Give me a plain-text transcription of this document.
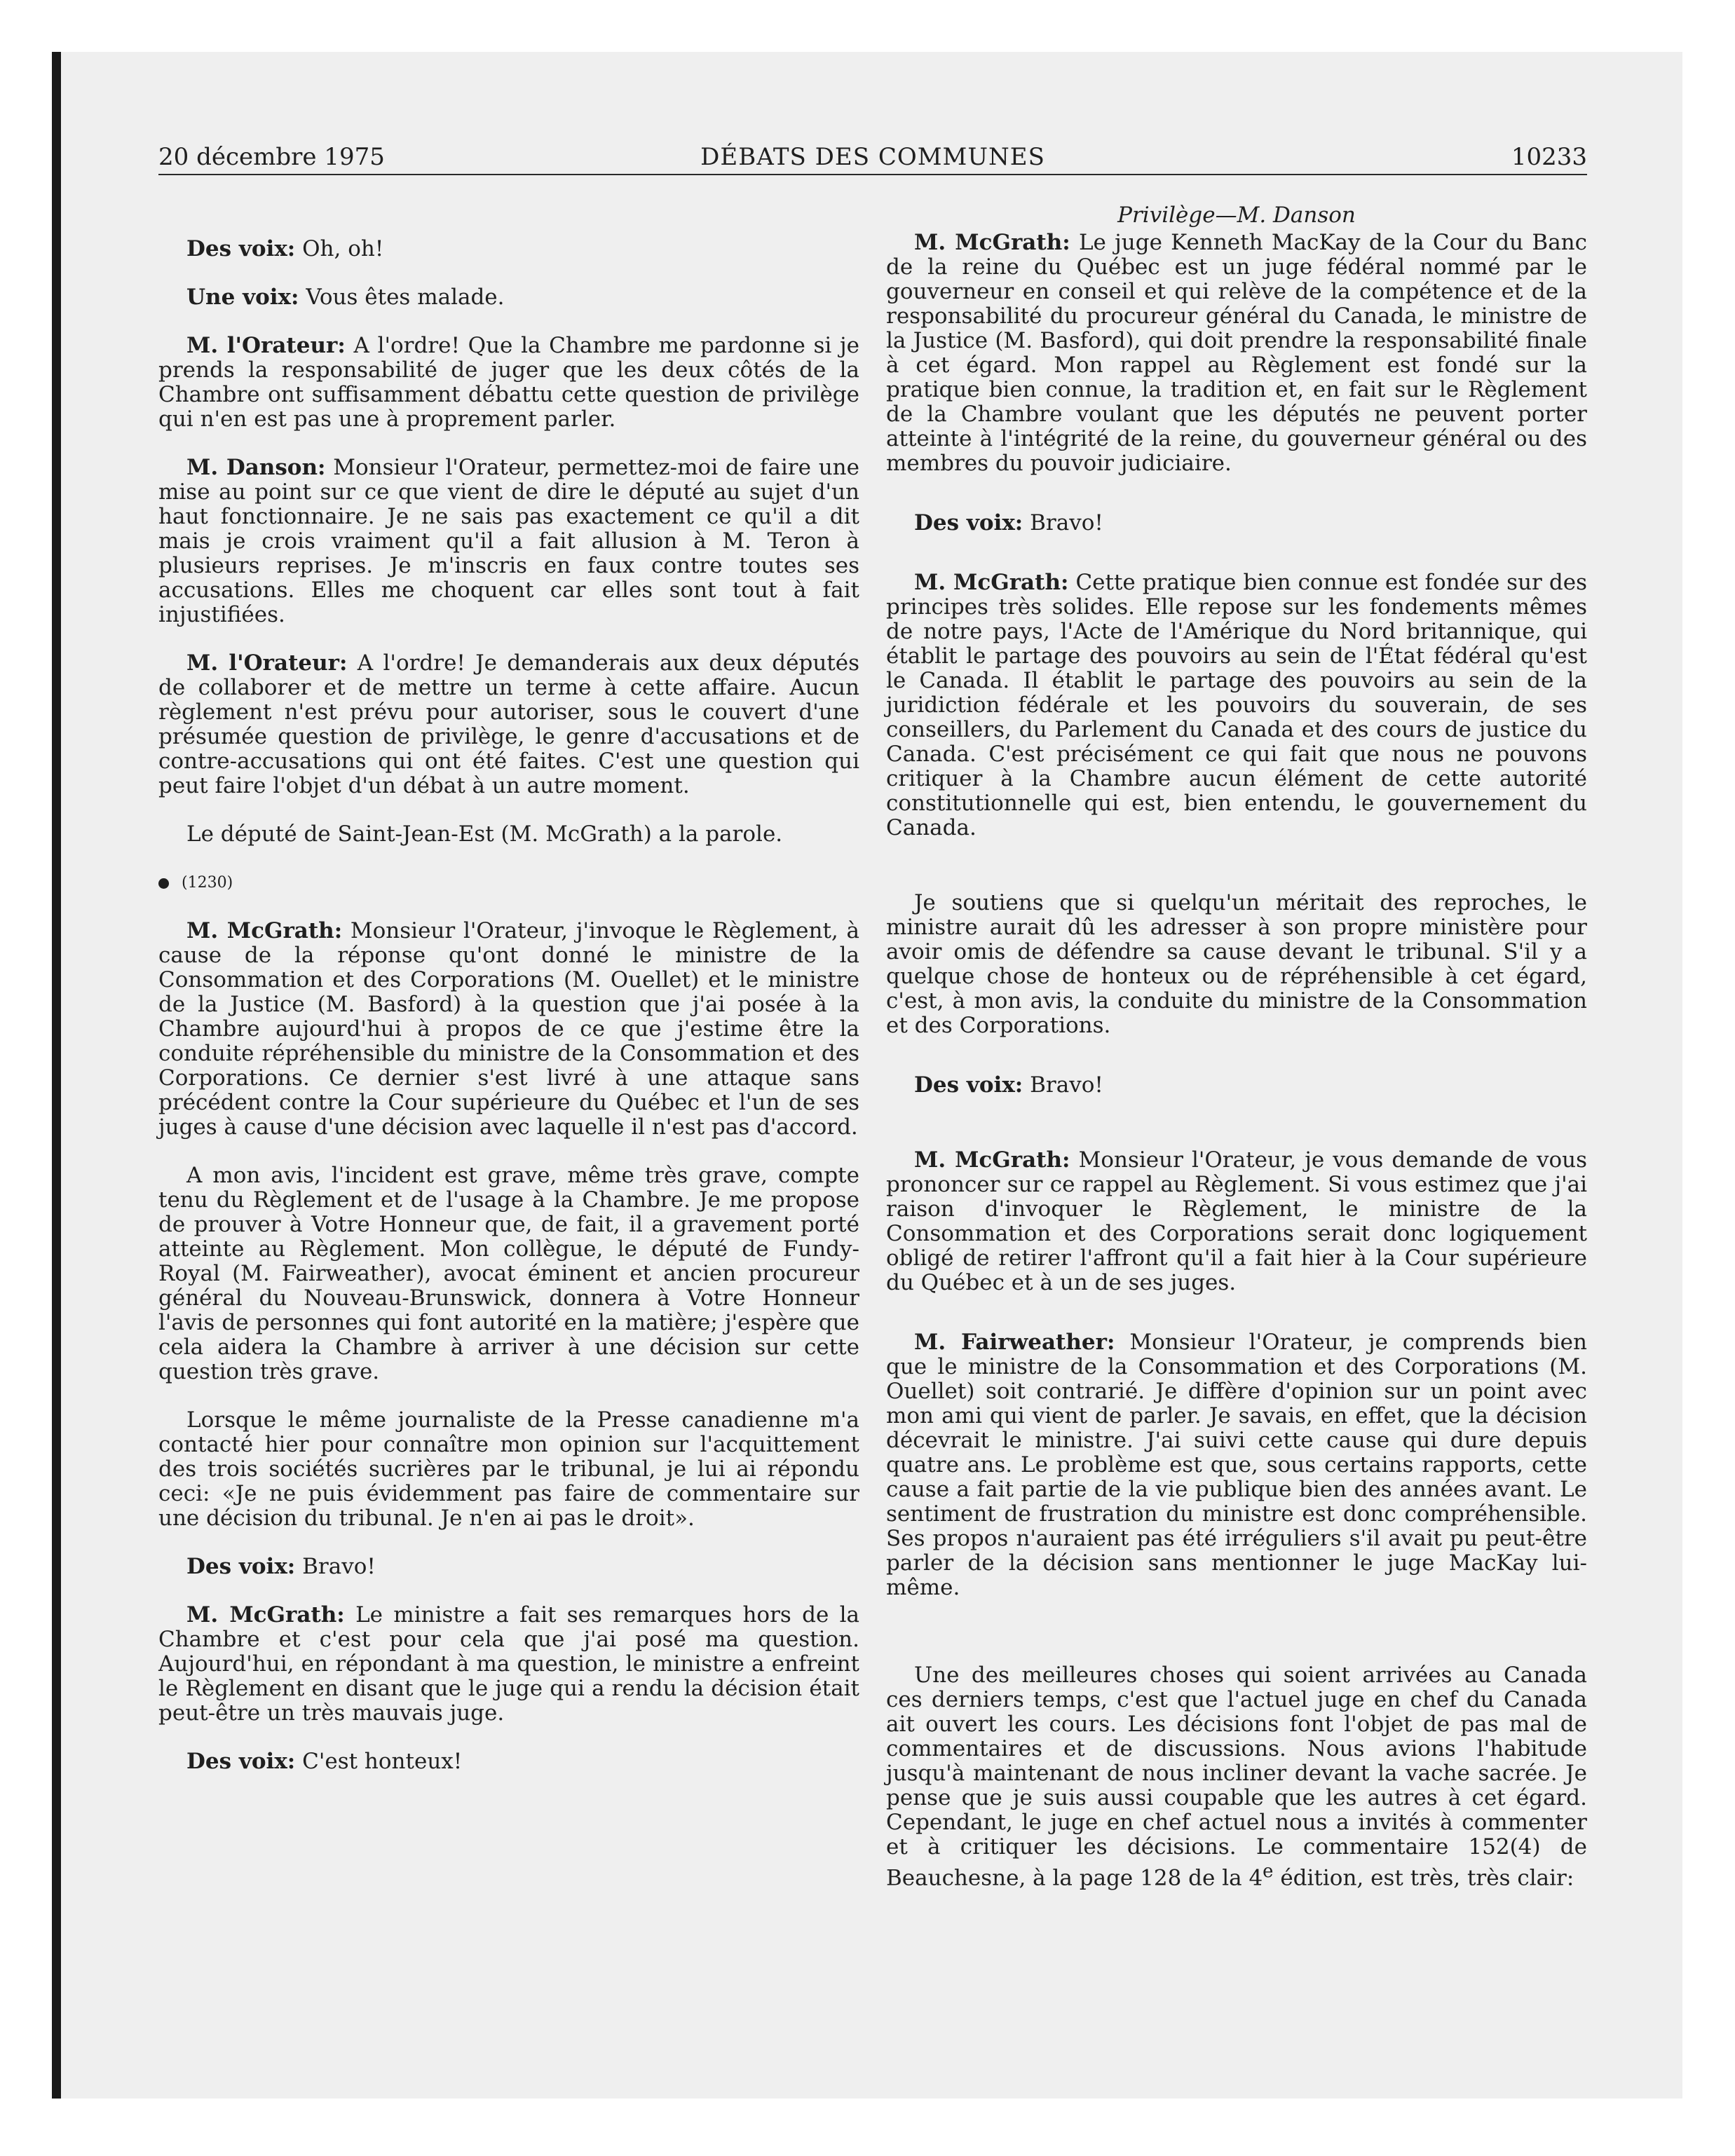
DÉBATS DES COMMUNES
20 décembre 1975	10233

Des voix: Oh, oh!

Une voix: Vous êtes malade.

M. l'Orateur: A l'ordre! Que la Chambre me pardonne si je prends la responsabilité de juger que les deux côtés de la Chambre ont suffisamment débattu cette question de privilège qui n'en est pas une à proprement parler.

M. Danson: Monsieur l'Orateur, permettez-moi de faire une mise au point sur ce que vient de dire le député au sujet d'un haut fonctionnaire. Je ne sais pas exactement ce qu'il a dit mais je crois vraiment qu'il a fait allusion à M. Teron à plusieurs reprises. Je m'inscris en faux contre toutes ses accusations. Elles me choquent car elles sont tout à fait injustifiées.

M. l'Orateur: A l'ordre! Je demanderais aux deux députés de collaborer et de mettre un terme à cette affaire. Aucun règlement n'est prévu pour autoriser, sous le couvert d'une présumée question de privilège, le genre d'accusations et de contre-accusations qui ont été faites. C'est une question qui peut faire l'objet d'un débat à un autre moment.

Le député de Saint-Jean-Est (M. McGrath) a la parole.

(1230)

M. McGrath: Monsieur l'Orateur, j'invoque le Règlement, à cause de la réponse qu'ont donné le ministre de la Consommation et des Corporations (M. Ouellet) et le ministre de la Justice (M. Basford) à la question que j'ai posée à la Chambre aujourd'hui à propos de ce que j'estime être la conduite répréhensible du ministre de la Consommation et des Corporations. Ce dernier s'est livré à une attaque sans précédent contre la Cour supérieure du Québec et l'un de ses juges à cause d'une décision avec laquelle il n'est pas d'accord.

A mon avis, l'incident est grave, même très grave, compte tenu du Règlement et de l'usage à la Chambre. Je me propose de prouver à Votre Honneur que, de fait, il a gravement porté atteinte au Règlement. Mon collègue, le député de Fundy-Royal (M. Fairweather), avocat éminent et ancien procureur général du Nouveau-Brunswick, donnera à Votre Honneur l'avis de personnes qui font autorité en la matière; j'espère que cela aidera la Chambre à arriver à une décision sur cette question très grave.

Lorsque le même journaliste de la Presse canadienne m'a contacté hier pour connaître mon opinion sur l'acquittement des trois sociétés sucrières par le tribunal, je lui ai répondu ceci: «Je ne puis évidemment pas faire de commentaire sur une décision du tribunal. Je n'en ai pas le droit».

Des voix: Bravo!

M. McGrath: Le ministre a fait ses remarques hors de la Chambre et c'est pour cela que j'ai posé ma question. Aujourd'hui, en répondant à ma question, le ministre a enfreint le Règlement en disant que le juge qui a rendu la décision était peut-être un très mauvais juge.

Des voix: C'est honteux!

Privilège—M. Danson

M. McGrath: Le juge Kenneth MacKay de la Cour du Banc de la reine du Québec est un juge fédéral nommé par le gouverneur en conseil et qui relève de la compétence et de la responsabilité du procureur général du Canada, le ministre de la Justice (M. Basford), qui doit prendre la responsabilité finale à cet égard. Mon rappel au Règlement est fondé sur la pratique bien connue, la tradition et, en fait sur le Règlement de la Chambre voulant que les députés ne peuvent porter atteinte à l'intégrité de la reine, du gouverneur général ou des membres du pouvoir judiciaire.

Des voix: Bravo!

M. McGrath: Cette pratique bien connue est fondée sur des principes très solides. Elle repose sur les fondements mêmes de notre pays, l'Acte de l'Amérique du Nord britannique, qui établit le partage des pouvoirs au sein de l'État fédéral qu'est le Canada. Il établit le partage des pouvoirs au sein de la juridiction fédérale et les pouvoirs du souverain, de ses conseillers, du Parlement du Canada et des cours de justice du Canada. C'est précisément ce qui fait que nous ne pouvons critiquer à la Chambre aucun élément de cette autorité constitutionnelle qui est, bien entendu, le gouvernement du Canada.

Je soutiens que si quelqu'un méritait des reproches, le ministre aurait dû les adresser à son propre ministère pour avoir omis de défendre sa cause devant le tribunal. S'il y a quelque chose de honteux ou de répréhensible à cet égard, c'est, à mon avis, la conduite du ministre de la Consommation et des Corporations.

Des voix: Bravo!

M. McGrath: Monsieur l'Orateur, je vous demande de vous prononcer sur ce rappel au Règlement. Si vous estimez que j'ai raison d'invoquer le Règlement, le ministre de la Consommation et des Corporations serait donc logiquement obligé de retirer l'affront qu'il a fait hier à la Cour supérieure du Québec et à un de ses juges.

M. Fairweather: Monsieur l'Orateur, je comprends bien que le ministre de la Consommation et des Corporations (M. Ouellet) soit contrarié. Je diffère d'opinion sur un point avec mon ami qui vient de parler. Je savais, en effet, que la décision décevrait le ministre. J'ai suivi cette cause qui dure depuis quatre ans. Le problème est que, sous certains rapports, cette cause a fait partie de la vie publique bien des années avant. Le sentiment de frustration du ministre est donc compréhensible. Ses propos n'auraient pas été irréguliers s'il avait pu peut-être parler de la décision sans mentionner le juge MacKay lui-même.

Une des meilleures choses qui soient arrivées au Canada ces derniers temps, c'est que l'actuel juge en chef du Canada ait ouvert les cours. Les décisions font l'objet de pas mal de commentaires et de discussions. Nous avions l'habitude jusqu'à maintenant de nous incliner devant la vache sacrée. Je pense que je suis aussi coupable que les autres à cet égard. Cependant, le juge en chef actuel nous a invités à commenter et à critiquer les décisions. Le commentaire 152(4) de Beauchesne, à la page 128 de la 4e édition, est très, très clair:
